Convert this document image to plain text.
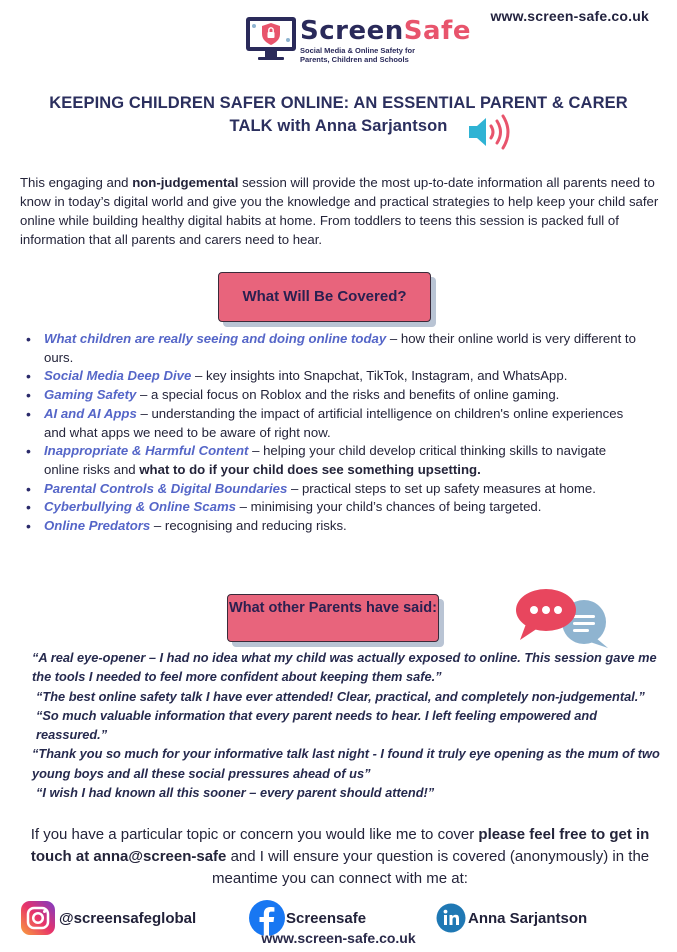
www.screen-safe.co.uk
ScreenSafe
Social Media & Online Safety for Parents, Children and Schools
KEEPING CHILDREN SAFER ONLINE: AN ESSENTIAL PARENT & CARER
TALK with Anna Sarjantson
This engaging and non-judgemental session will provide the most up-to-date information all parents need to know in today’s digital world and give you the knowledge and practical strategies to help keep your child safer online while building healthy digital habits at home. From toddlers to teens this session is packed full of information that all parents and carers need to hear.
What Will Be Covered?
• What children are really seeing and doing online today – how their online world is very different to ours.
• Social Media Deep Dive – key insights into Snapchat, TikTok, Instagram, and WhatsApp.
• Gaming Safety – a special focus on Roblox and the risks and benefits of online gaming.
• AI and AI Apps – understanding the impact of artificial intelligence on children's online experiences and what apps we need to be aware of right now.
• Inappropriate & Harmful Content – helping your child develop critical thinking skills to navigate online risks and what to do if your child does see something upsetting.
• Parental Controls & Digital Boundaries – practical steps to set up safety measures at home.
• Cyberbullying & Online Scams – minimising your child’s chances of being targeted.
• Online Predators – recognising and reducing risks.
What other Parents have said:

“A real eye-opener – I had no idea what my child was actually exposed to online. This session gave me the tools I needed to feel more confident about keeping them safe.”

“The best online safety talk I have ever attended! Clear, practical, and completely non-judgemental.”

“So much valuable information that every parent needs to hear. I left feeling empowered and reassured.”

“Thank you so much for your informative talk last night - I found it truly eye opening as the mum of two young boys and all these social pressures ahead of us”

“I wish I had known all this sooner – every parent should attend!”

If you have a particular topic or concern you would like me to cover please feel free to get in touch at anna@screen-safe and I will ensure your question is covered (anonymously) in the meantime you can connect with me at:
@screensafeglobal	Screensafe	Anna Sarjantson
www.screen-safe.co.uk
